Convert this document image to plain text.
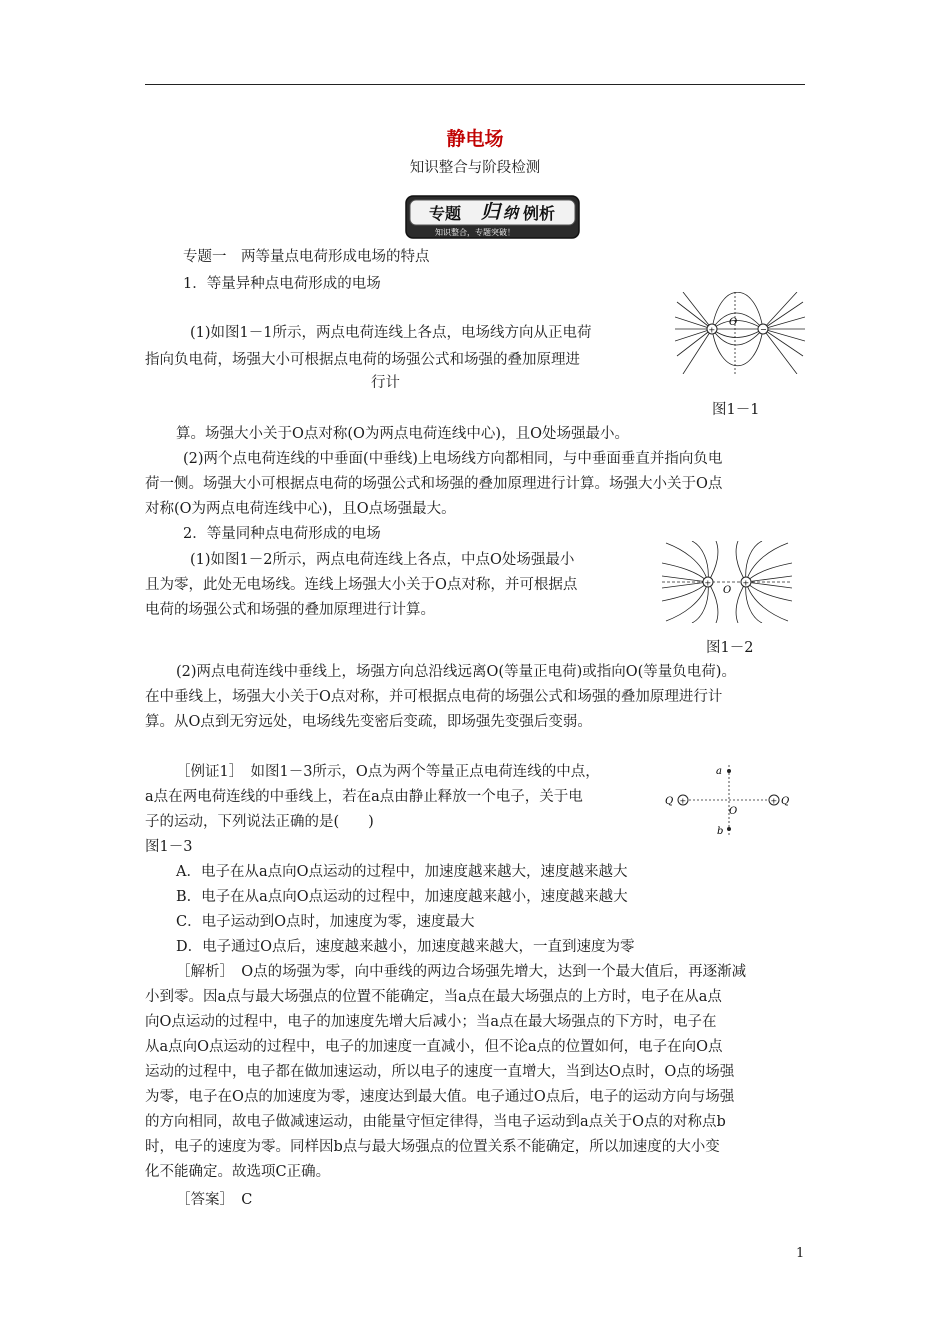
静电场
知识整合与阶段检测
专题 归 纳 例析
知识整合，专题突破！
专题一　两等量点电荷形成电场的特点
1．等量异种点电荷形成的电场
(1)如图1－1所示，两点电荷连线上各点，电场线方向从正电荷
指向负电荷，场强大小可根据点电荷的场强公式和场强的叠加原理进
行计
+	−
O
图1－1
算。场强大小关于O点对称(O为两点电荷连线中心)，且O处场强最小。
(2)两个点电荷连线的中垂面(中垂线)上电场线方向都相同，与中垂面垂直并指向负电
荷一侧。场强大小可根据点电荷的场强公式和场强的叠加原理进行计算。场强大小关于O点
对称(O为两点电荷连线中心)，且O点场强最大。
2．等量同种点电荷形成的电场
(1)如图1－2所示，两点电荷连线上各点，中点O处场强最小
且为零，此处无电场线。连线上场强大小关于O点对称，并可根据点
电荷的场强公式和场强的叠加原理进行计算。
+	+
O
图1－2
(2)两点电荷连线中垂线上，场强方向总沿线远离O(等量正电荷)或指向O(等量负电荷)。
在中垂线上，场强大小关于O点对称，并可根据点电荷的场强公式和场强的叠加原理进行计
算。从O点到无穷远处，电场线先变密后变疏，即场强先变强后变弱。
［例证1］　如图1－3所示，O点为两个等量正点电荷连线的中点，
a点在两电荷连线的中垂线上，若在a点由静止释放一个电子，关于电
子的运动，下列说法正确的是(　　)
+	+
a
b
O
Q	Q
图1－3
A．电子在从a点向O点运动的过程中，加速度越来越大，速度越来越大
B．电子在从a点向O点运动的过程中，加速度越来越小，速度越来越大
C．电子运动到O点时，加速度为零，速度最大
D．电子通过O点后，速度越来越小，加速度越来越大，一直到速度为零
［解析］　O点的场强为零，向中垂线的两边合场强先增大，达到一个最大值后，再逐渐减
小到零。因a点与最大场强点的位置不能确定，当a点在最大场强点的上方时，电子在从a点
向O点运动的过程中，电子的加速度先增大后减小；当a点在最大场强点的下方时，电子在
从a点向O点运动的过程中，电子的加速度一直减小，但不论a点的位置如何，电子在向O点
运动的过程中，电子都在做加速运动，所以电子的速度一直增大，当到达O点时，O点的场强
为零，电子在O点的加速度为零，速度达到最大值。电子通过O点后，电子的运动方向与场强
的方向相同，故电子做减速运动，由能量守恒定律得，当电子运动到a点关于O点的对称点b
时，电子的速度为零。同样因b点与最大场强点的位置关系不能确定，所以加速度的大小变
化不能确定。故选项C正确。
［答案］　C
1
